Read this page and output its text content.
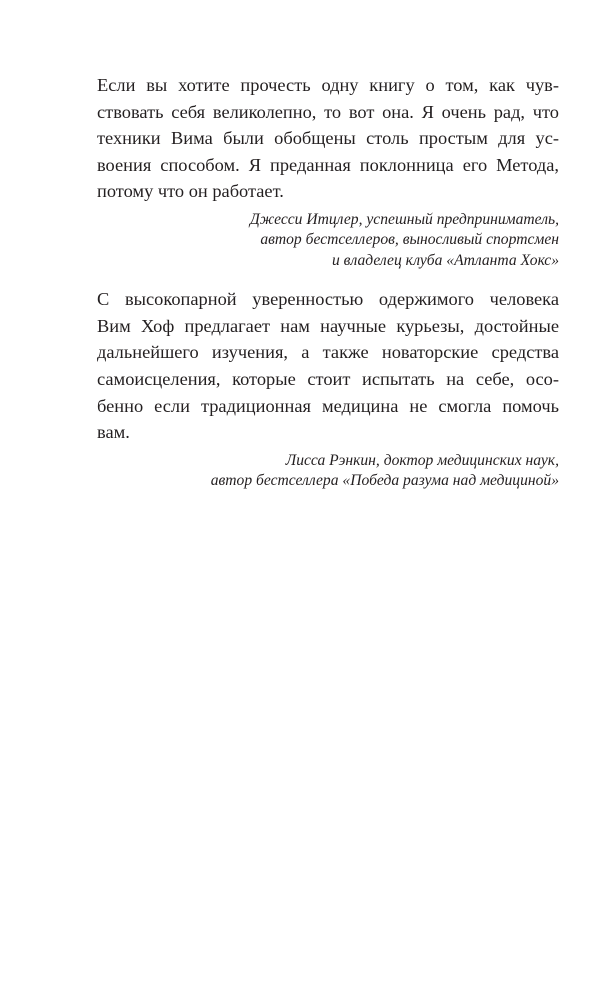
Если вы хотите прочесть одну книгу о том, как чув-
ствовать себя великолепно, то вот она. Я очень рад, что
техники Вима были обобщены столь простым для ус-
воения способом. Я преданная поклонница его Метода,
потому что он работает.
Джесси Итцлер, успешный предприниматель,
автор бестселлеров, выносливый спортсмен
и владелец клуба «Атланта Хокс»
С высокопарной уверенностью одержимого человека
Вим Хоф предлагает нам научные курьезы, достойные
дальнейшего изучения, а также новаторские средства
самоисцеления, которые стоит испытать на себе, осо-
бенно если традиционная медицина не смогла помочь
вам.
Лисса Рэнкин, доктор медицинских наук,
автор бестселлера «Победа разума над медициной»
